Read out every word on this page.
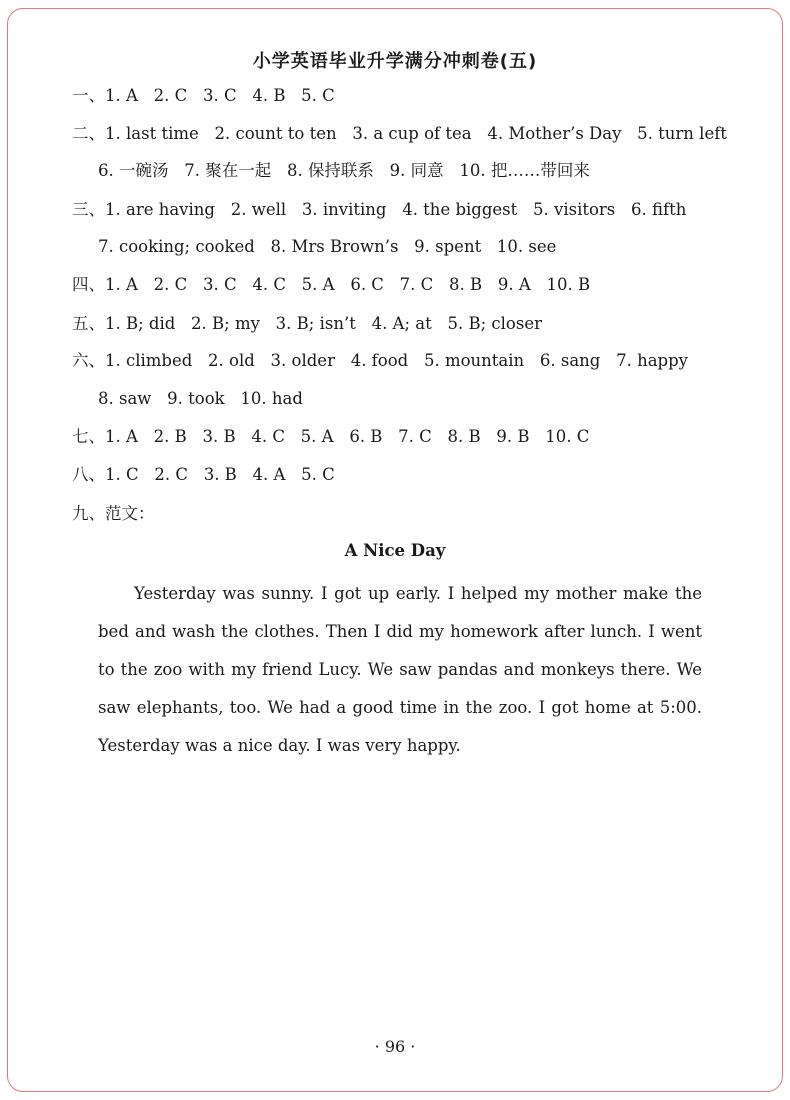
小学英语毕业升学满分冲刺卷(五)
一、1. A   2. C   3. C   4. B   5. C
二、1. last time   2. count to ten   3. a cup of tea   4. Mother’s Day   5. turn left
6. 一碗汤   7. 聚在一起   8. 保持联系   9. 同意   10. 把……带回来
三、1. are having   2. well   3. inviting   4. the biggest   5. visitors   6. fifth
7. cooking; cooked   8. Mrs Brown’s   9. spent   10. see
四、1. A   2. C   3. C   4. C   5. A   6. C   7. C   8. B   9. A   10. B
五、1. B; did   2. B; my   3. B; isn’t   4. A; at   5. B; closer
六、1. climbed   2. old   3. older   4. food   5. mountain   6. sang   7. happy
8. saw   9. took   10. had
七、1. A   2. B   3. B   4. C   5. A   6. B   7. C   8. B   9. B   10. C
八、1. C   2. C   3. B   4. A   5. C
九、范文：
A Nice Day
Yesterday was sunny. I got up early. I helped my mother make the bed and wash the clothes. Then I did my homework after lunch. I went to the zoo with my friend Lucy. We saw pandas and monkeys there. We saw elephants, too. We had a good time in the zoo. I got home at 5:00. Yesterday was a nice day. I was very happy.
· 96 ·
